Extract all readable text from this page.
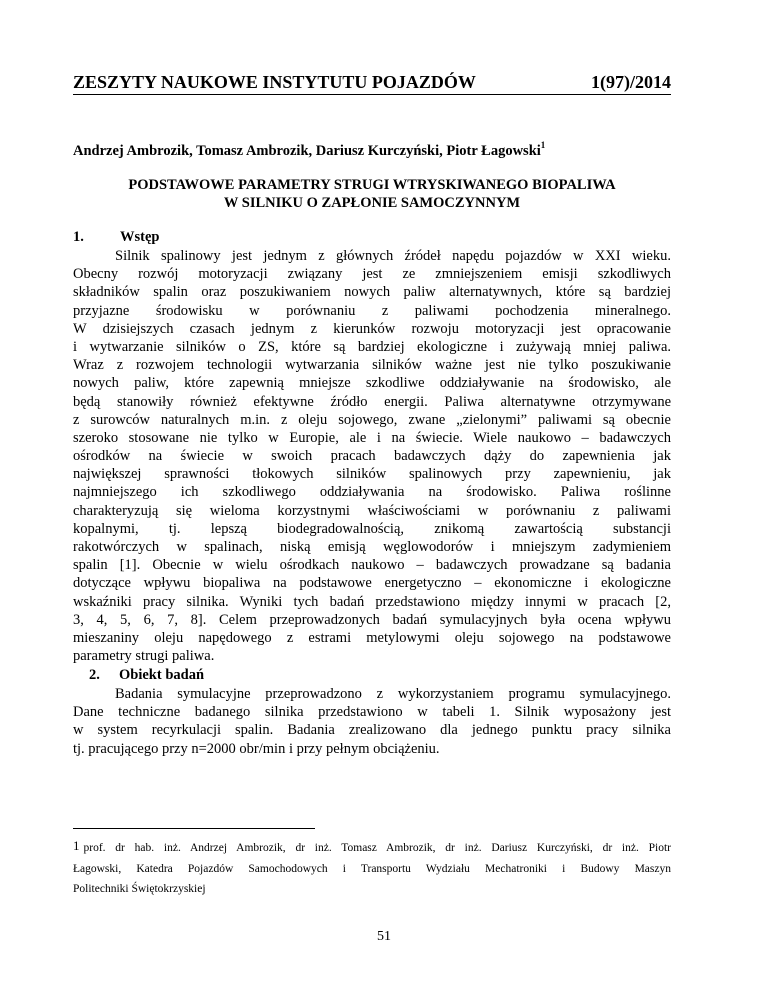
ZESZYTY NAUKOWE INSTYTUTU POJAZDÓW	1(97)/2014
Andrzej Ambrozik, Tomasz Ambrozik, Dariusz Kurczyński, Piotr Łagowski$^1$
PODSTAWOWE PARAMETRY STRUGI WTRYSKIWANEGO BIOPALIWA
W SILNIKU O ZAPŁONIE SAMOCZYNNYM
1. Wstęp
Silnik spalinowy jest jednym z głównych źródeł napędu pojazdów w XXI wieku.
Obecny rozwój motoryzacji związany jest ze zmniejszeniem emisji szkodliwych
składników spalin oraz poszukiwaniem nowych paliw alternatywnych, które są bardziej
przyjazne środowisku w porównaniu z paliwami pochodzenia mineralnego.
W dzisiejszych czasach jednym z kierunków rozwoju motoryzacji jest opracowanie
i wytwarzanie silników o ZS, które są bardziej ekologiczne i zużywają mniej paliwa.
Wraz z rozwojem technologii wytwarzania silników ważne jest nie tylko poszukiwanie
nowych paliw, które zapewnią mniejsze szkodliwe oddziaływanie na środowisko, ale
będą stanowiły również efektywne źródło energii. Paliwa alternatywne otrzymywane
z surowców naturalnych m.in. z oleju sojowego, zwane „zielonymi” paliwami są obecnie
szeroko stosowane nie tylko w Europie, ale i na świecie. Wiele naukowo – badawczych
ośrodków na świecie w swoich pracach badawczych dąży do zapewnienia jak
największej sprawności tłokowych silników spalinowych przy zapewnieniu, jak
najmniejszego ich szkodliwego oddziaływania na środowisko. Paliwa roślinne
charakteryzują się wieloma korzystnymi właściwościami w porównaniu z paliwami
kopalnymi, tj. lepszą biodegradowalnością, znikomą zawartością substancji
rakotwórczych w spalinach, niską emisją węglowodorów i mniejszym zadymieniem
spalin [1]. Obecnie w wielu ośrodkach naukowo – badawczych prowadzane są badania
dotyczące wpływu biopaliwa na podstawowe energetyczno – ekonomiczne i ekologiczne
wskaźniki pracy silnika. Wyniki tych badań przedstawiono między innymi w pracach [2,
3, 4, 5, 6, 7, 8]. Celem przeprowadzonych badań symulacyjnych była ocena wpływu
mieszaniny oleju napędowego z estrami metylowymi oleju sojowego na podstawowe
parametry strugi paliwa.
2. Obiekt badań
Badania symulacyjne przeprowadzono z wykorzystaniem programu symulacyjnego.
Dane techniczne badanego silnika przedstawiono w tabeli 1. Silnik wyposażony jest
w system recyrkulacji spalin. Badania zrealizowano dla jednego punktu pracy silnika
tj. pracującego przy n=2000 obr/min i przy pełnym obciążeniu.
$^1$ prof. dr hab. inż. Andrzej Ambrozik, dr inż. Tomasz Ambrozik, dr inż. Dariusz Kurczyński, dr inż. Piotr
Łagowski, Katedra Pojazdów Samochodowych i Transportu Wydziału Mechatroniki i Budowy Maszyn
Politechniki Świętokrzyskiej
51
